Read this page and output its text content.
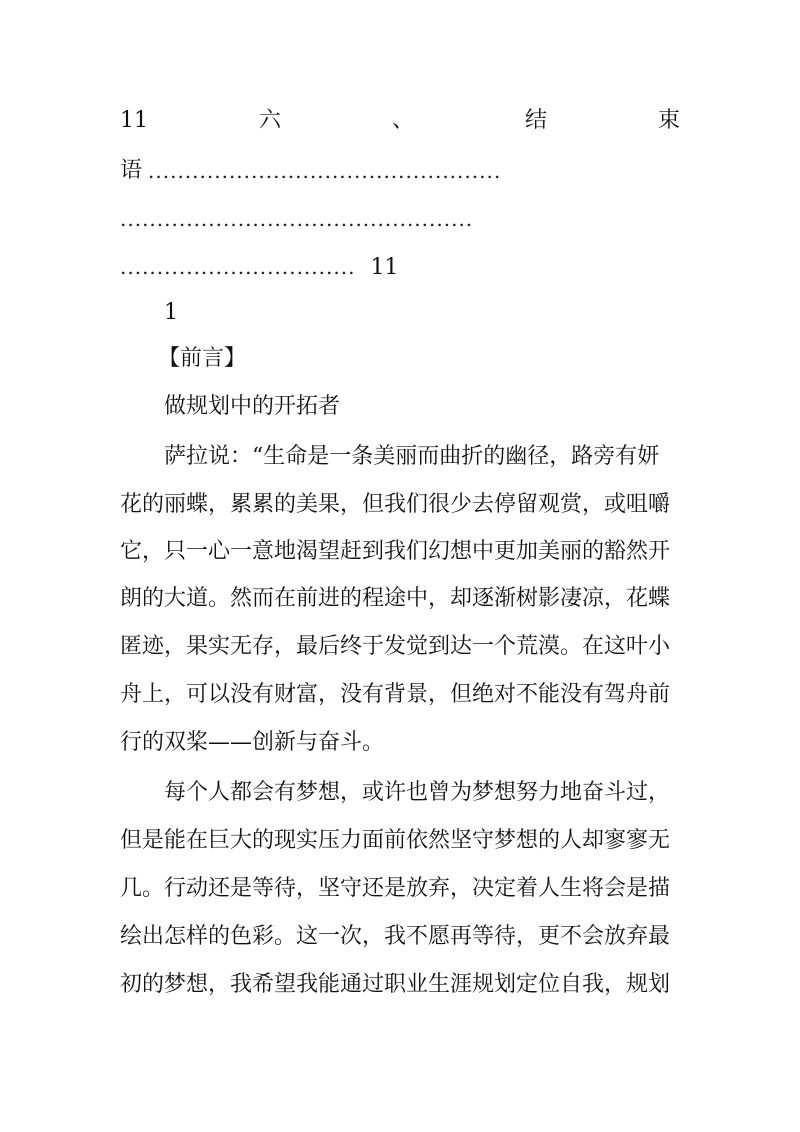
11	六	、	结	束
语 ................................................
................................................
................................ 11
1
【前言】
做规划中的开拓者
萨拉说：“生命是一条美丽而曲折的幽径，路旁有妍
花的丽蝶，累累的美果，但我们很少去停留观赏，或咀嚼
它，只一心一意地渴望赶到我们幻想中更加美丽的豁然开
朗的大道。然而在前进的程途中，却逐渐树影凄凉，花蝶
匿迹，果实无存，最后终于发觉到达一个荒漠。在这叶小
舟上，可以没有财富，没有背景，但绝对不能没有驾舟前
行的双桨——创新与奋斗。
每个人都会有梦想，或许也曾为梦想努力地奋斗过，
但是能在巨大的现实压力面前依然坚守梦想的人却寥寥无
几。行动还是等待，坚守还是放弃，决定着人生将会是描
绘出怎样的色彩。这一次，我不愿再等待，更不会放弃最
初的梦想，我希望我能通过职业生涯规划定位自我，规划
